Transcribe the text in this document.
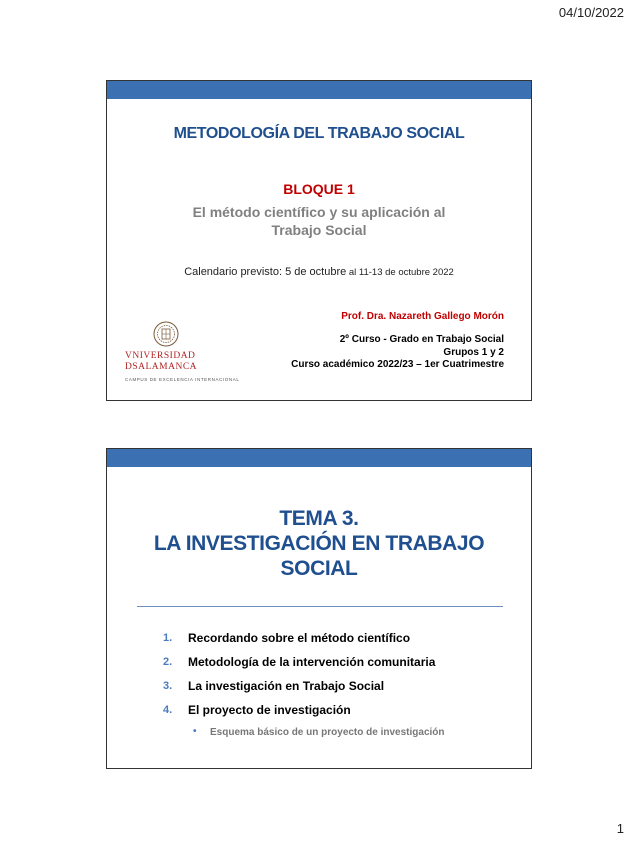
04/10/2022
METODOLOGÍA DEL TRABAJO SOCIAL
BLOQUE 1
El método científico y su aplicación al
Trabajo Social
Calendario previsto: 5 de octubre al 11-13 de octubre 2022
Prof. Dra. Nazareth Gallego Morón
2º Curso - Grado en Trabajo Social
Grupos 1 y 2
Curso académico 2022/23 – 1er Cuatrimestre
VNIVERSIDAD
DSALAMANCA
CAMPUS DE EXCELENCIA INTERNACIONAL
TEMA 3.
LA INVESTIGACIÓN EN TRABAJO
SOCIAL
1.	Recordando sobre el método científico
2.	Metodología de la intervención comunitaria
3.	La investigación en Trabajo Social
4.	El proyecto de investigación
• Esquema básico de un proyecto de investigación
1
